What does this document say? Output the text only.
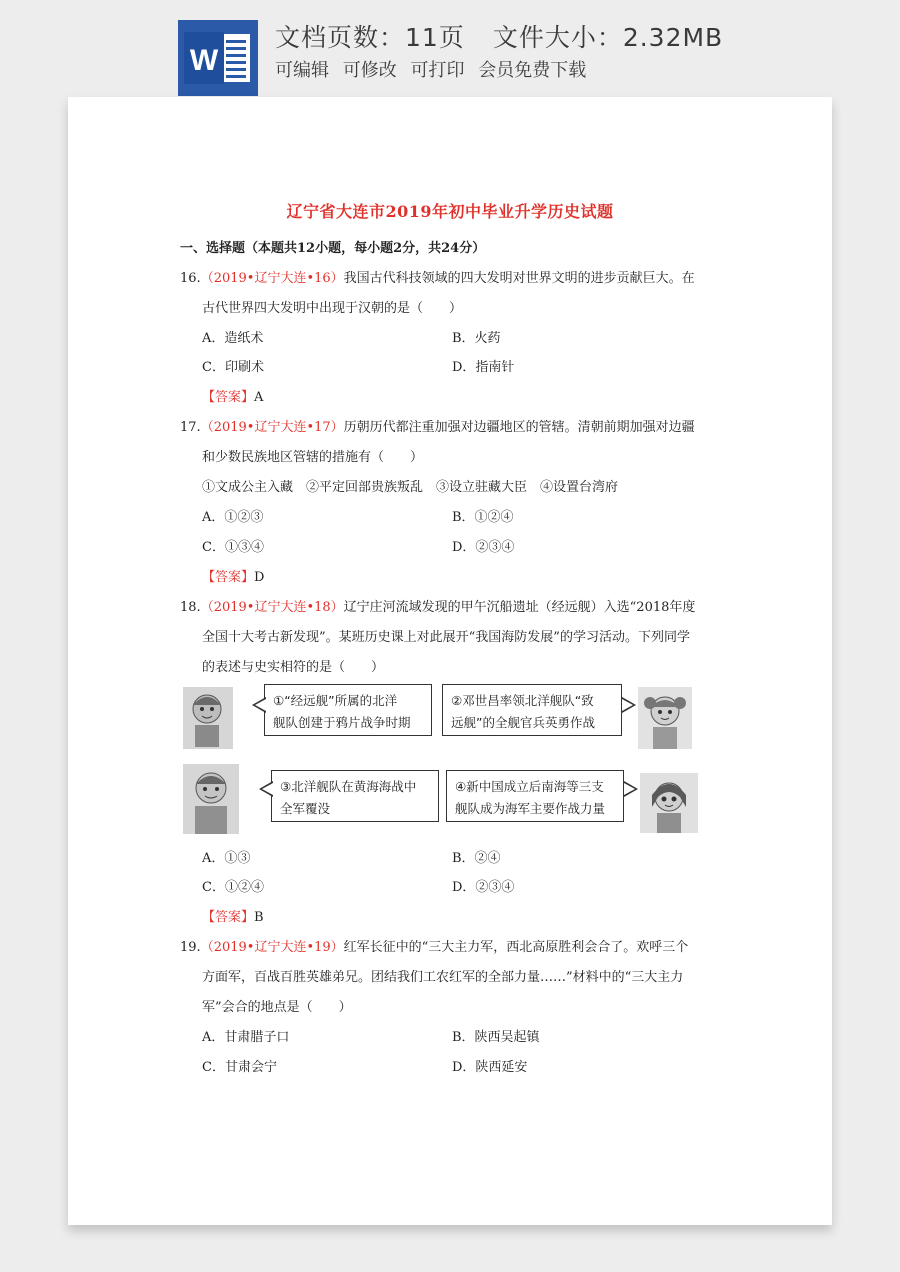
W
文档页数：11页 文件大小：2.32MB
可编辑 可修改 可打印 会员免费下载
辽宁省大连市2019年初中毕业升学历史试题
一、选择题（本题共12小题，每小题2分，共24分）
16.（2019•辽宁大连•16）我国古代科技领域的四大发明对世界文明的进步贡献巨大。在
古代世界四大发明中出现于汉朝的是（　　）
A．造纸术	B．火药
C．印刷术	D．指南针
【答案】A
17.（2019•辽宁大连•17）历朝历代都注重加强对边疆地区的管辖。清朝前期加强对边疆
和少数民族地区管辖的措施有（　　）
①文成公主入藏　②平定回部贵族叛乱　③设立驻藏大臣　④设置台湾府
A．①②③	B．①②④
C．①③④	D．②③④
【答案】D
18.（2019•辽宁大连•18）辽宁庄河流域发现的甲午沉船遗址（经远舰）入选“2018年度
全国十大考古新发现”。某班历史课上对此展开“我国海防发展”的学习活动。下列同学
的表述与史实相符的是（　　）
①“经远舰”所属的北洋
舰队创建于鸦片战争时期
②邓世昌率领北洋舰队“致
远舰”的全舰官兵英勇作战
③北洋舰队在黄海海战中
全军覆没
④新中国成立后南海等三支
舰队成为海军主要作战力量
A．①③	B．②④
C．①②④	D．②③④
【答案】B
19.（2019•辽宁大连•19）红军长征中的“三大主力军，西北高原胜利会合了。欢呼三个
方面军，百战百胜英雄弟兄。团结我们工农红军的全部力量……”材料中的“三大主力
军”会合的地点是（　　）
A．甘肃腊子口	B．陕西吴起镇
C．甘肃会宁	D．陕西延安
